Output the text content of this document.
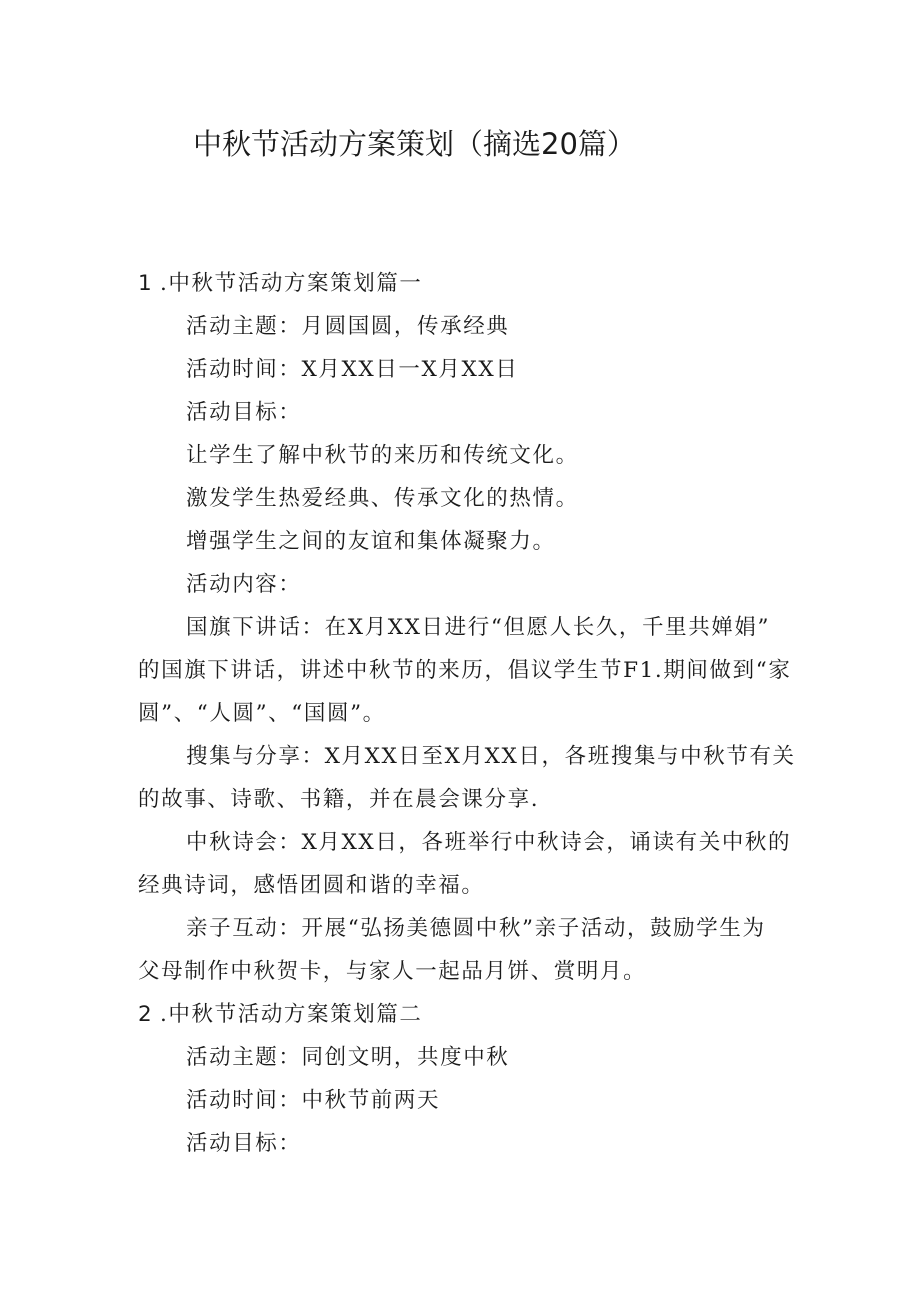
中秋节活动方案策划（摘选20篇）
1 .中秋节活动方案策划篇一
活动主题：月圆国圆，传承经典
活动时间：X月XX日一X月XX日
活动目标：
让学生了解中秋节的来历和传统文化。
激发学生热爱经典、传承文化的热情。
增强学生之间的友谊和集体凝聚力。
活动内容：
国旗下讲话：在X月XX日进行“但愿人长久，千里共婵娟”
的国旗下讲话，讲述中秋节的来历，倡议学生节F1.期间做到“家
圆”、“人圆”、“国圆”。
搜集与分享：X月XX日至X月XX日，各班搜集与中秋节有关
的故事、诗歌、书籍，并在晨会课分享.
中秋诗会：X月XX日，各班举行中秋诗会，诵读有关中秋的
经典诗词，感悟团圆和谐的幸福。
亲子互动：开展“弘扬美德圆中秋”亲子活动，鼓励学生为
父母制作中秋贺卡，与家人一起品月饼、赏明月。
2 .中秋节活动方案策划篇二
活动主题：同创文明，共度中秋
活动时间：中秋节前两天
活动目标：
